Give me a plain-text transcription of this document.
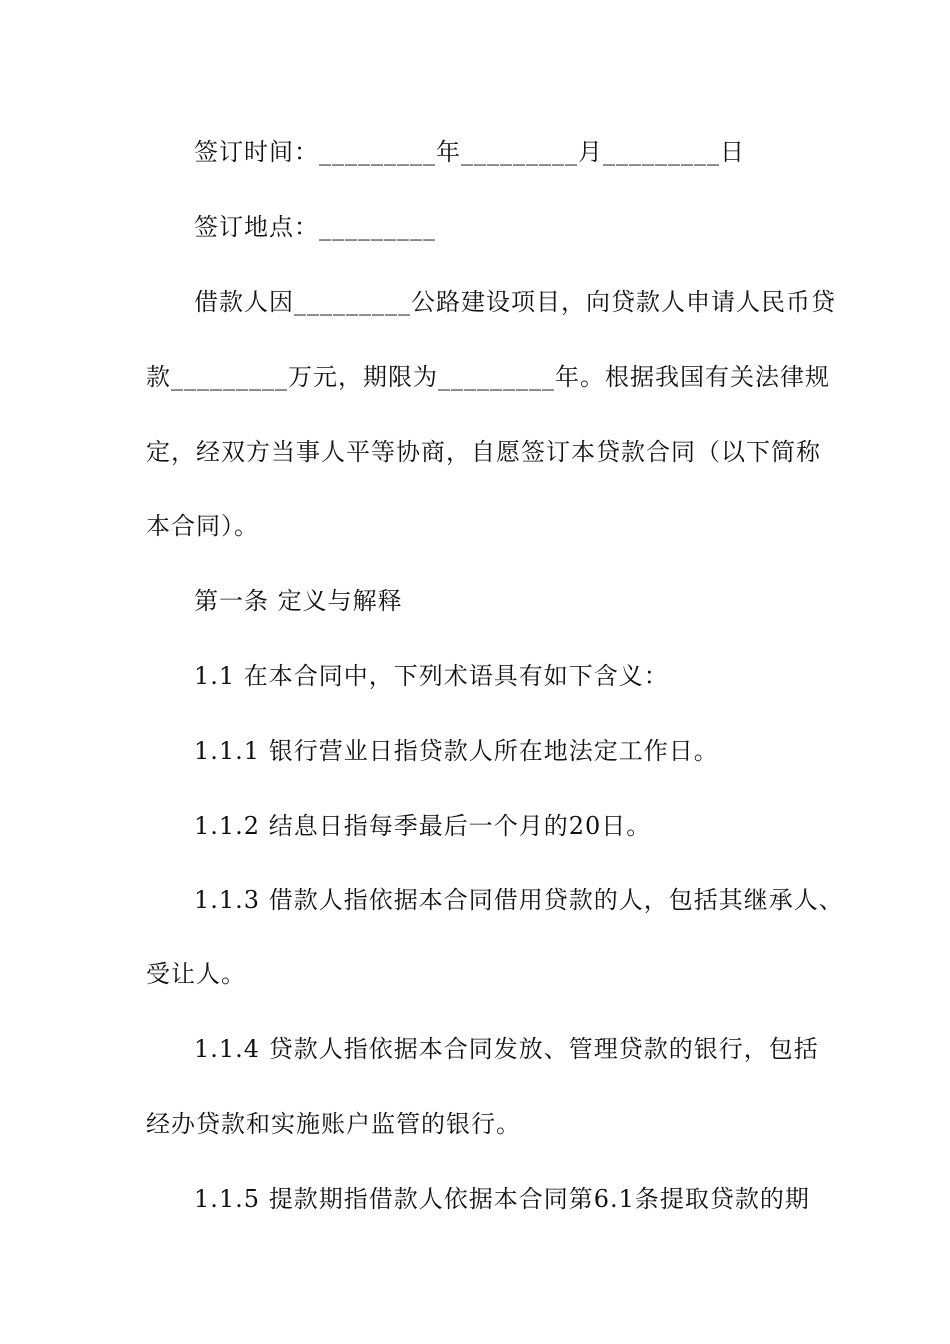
签订时间：_________年_________月_________日
签订地点：_________
借款人因_________公路建设项目，向贷款人申请人民币贷
款_________万元，期限为_________年。根据我国有关法律规
定，经双方当事人平等协商，自愿签订本贷款合同（以下简称
本合同）。
第一条 定义与解释
1.1 在本合同中，下列术语具有如下含义：
1.1.1 银行营业日指贷款人所在地法定工作日。
1.1.2 结息日指每季最后一个月的20日。
1.1.3 借款人指依据本合同借用贷款的人，包括其继承人、
受让人。
1.1.4 贷款人指依据本合同发放、管理贷款的银行，包括
经办贷款和实施账户监管的银行。
1.1.5 提款期指借款人依据本合同第6.1条提取贷款的期
